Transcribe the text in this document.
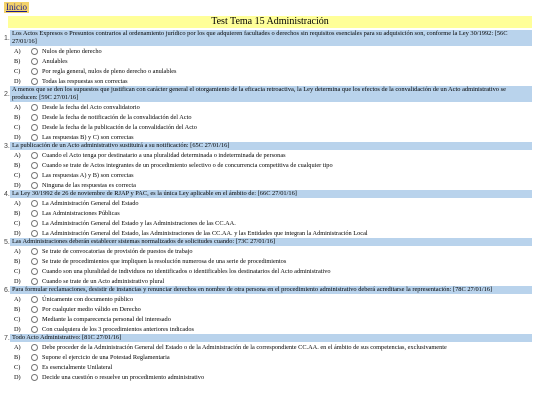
Inicio
Test Tema 15 Administración
1.
Los Actos Expresos o Presuntos contrarios al ordenamiento jurídico por los que adquieren facultades o derechos sin requisitos esenciales para su adquisición son, conforme la Ley 30/1992: [56C 27/01/16]
A)	Nulos de pleno derecho
B)	Anulables
C)	Por regla general, nulos de pleno derecho o anulables
D)	Todas las respuestas son correctas
2.
A menos que se den los supuestos que justifican con carácter general el otorgamiento de la eficacia retroactiva, la Ley determina que los efectos de la convalidación de un Acto administrativo se producen: [59C 27/01/16]
A)	Desde la fecha del Acto convalidatorio
B)	Desde la fecha de notificación de la convalidación del Acto
C)	Desde la fecha de la publicación de la convalidación del Acto
D)	Las respuestas B) y C) son correctas
3. La publicación de un Acto administrativo sustituirá a su notificación: [65C 27/01/16]
A)	Cuando el Acto tenga por destinatario a una pluralidad determinada o indeterminada de personas
B)	Cuando se trate de Actos integrantes de un procedimiento selectivo o de concurrencia competitiva de cualquier tipo
C)	Las respuestas A) y B) son correctas
D)	Ninguna de las respuestas es correcta
4. La Ley 30/1992 de 26 de noviembre de RJAP y PAC, es la única Ley aplicable en el ámbito de: [66C 27/01/16]
A)	La Administración General del Estado
B)	Las Administraciones Públicas
C)	La Administración General del Estado y las Administraciones de las CC.AA.
D)	La Administración General del Estado, las Administraciones de las CC.AA. y las Entidades que integran la Administración Local
5. Las Administraciones deberán establecer sistemas normalizados de solicitudes cuando: [73C 27/01/16]
A)	Se trate de convocatorias de provisión de puestos de trabajo
B)	Se trate de procedimientos que impliquen la resolución numerosa de una serie de procedimientos
C)	Cuando son una pluralidad de individuos no identificados o identificables los destinatarios del Acto administrativo
D)	Cuando se trate de un Acto administrativo plural
6. Para formular reclamaciones, desistir de instancias y renunciar derechos en nombre de otra persona en el procedimiento administrativo deberá acreditarse la representación: [78C 27/01/16]
A)	Únicamente con documento público
B)	Por cualquier medio válido en Derecho
C)	Mediante la comparecencia personal del interesado
D)	Con cualquiera de los 3 procedimientos anteriores indicados
7. Todo Acto Administrativo: [81C 27/01/16]
A)	Debe proceder de la Administración General del Estado o de la Administración de la correspondiente CC.AA. en el ámbito de sus competencias, exclusivamente
B)	Supone el ejercicio de una Potestad Reglamentaria
C)	Es esencialmente Unilateral
D)	Decide una cuestión o resuelve un procedimiento administrativo
